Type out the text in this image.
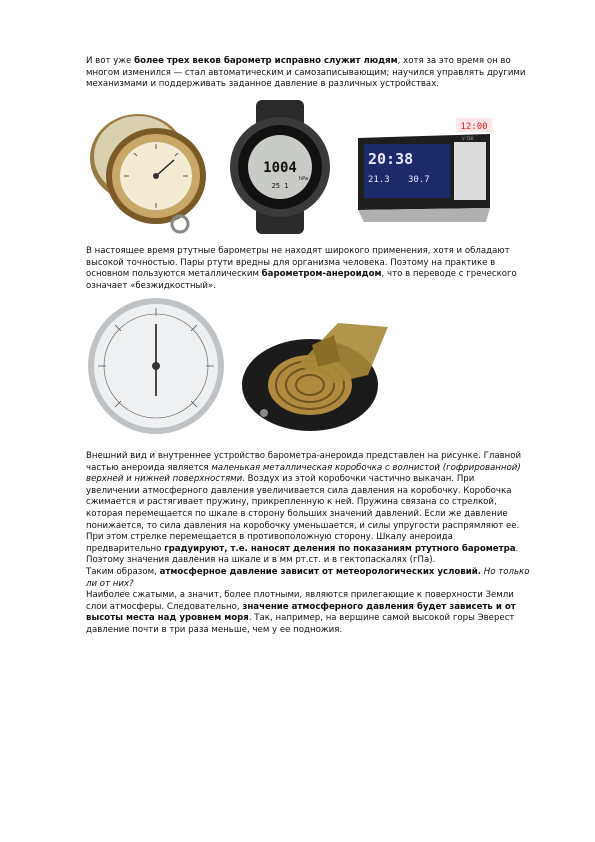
И вот уже более трех веков барометр исправно служит людям, хотя за это время он во многом изменился — стал автоматическим и самозаписывающим; научился управлять другими механизмами и поддерживать заданное давление в различных устройствах.
1004
hPa
25 1
12:00
20:38
21.3 30.7
V·TEK
В настоящее время ртутные барометры не находят широкого применения, хотя и обладают высокой точностью. Пары ртути вредны для организма человека. Поэтому на практике в основном пользуются металлическим барометром-анероидом, что в переводе с греческого означает «безжидкостный».
Внешний вид и внутреннее устройство барометра-анероида представлен на рисунке. Главной частью анероида является маленькая металлическая коробочка с волнистой (гофрированной) верхней и нижней поверхностями. Воздух из этой коробочки частично выкачан. При увеличении атмосферного давления увеличивается сила давления на коробочку. Коробочка сжимается и растягивает пружину, прикрепленную к ней. Пружина связана со стрелкой, которая перемещается по шкале в сторону больших значений давлений. Если же давление понижается, то сила давления на коробочку уменьшается, и силы упругости распрямляют ее. При этом стрелке перемещается в противоположную сторону. Шкалу анероида предварительно градуируют, т.е. наносят деления по показаниям ртутного барометра. Поэтому значения давления на шкале и в мм рт.ст. и в гектопаскалях (гПа).
Таким образом, атмосферное давление зависит от метеорологических условий. Но только ли от них?
Наиболее сжатыми, а значит, более плотными, являются прилегающие к поверхности Земли слои атмосферы. Следовательно, значение атмосферного давления будет зависеть и от высоты места над уровнем моря. Так, например, на вершине самой высокой горы Эверест давление почти в три раза меньше, чем у ее подножия.
